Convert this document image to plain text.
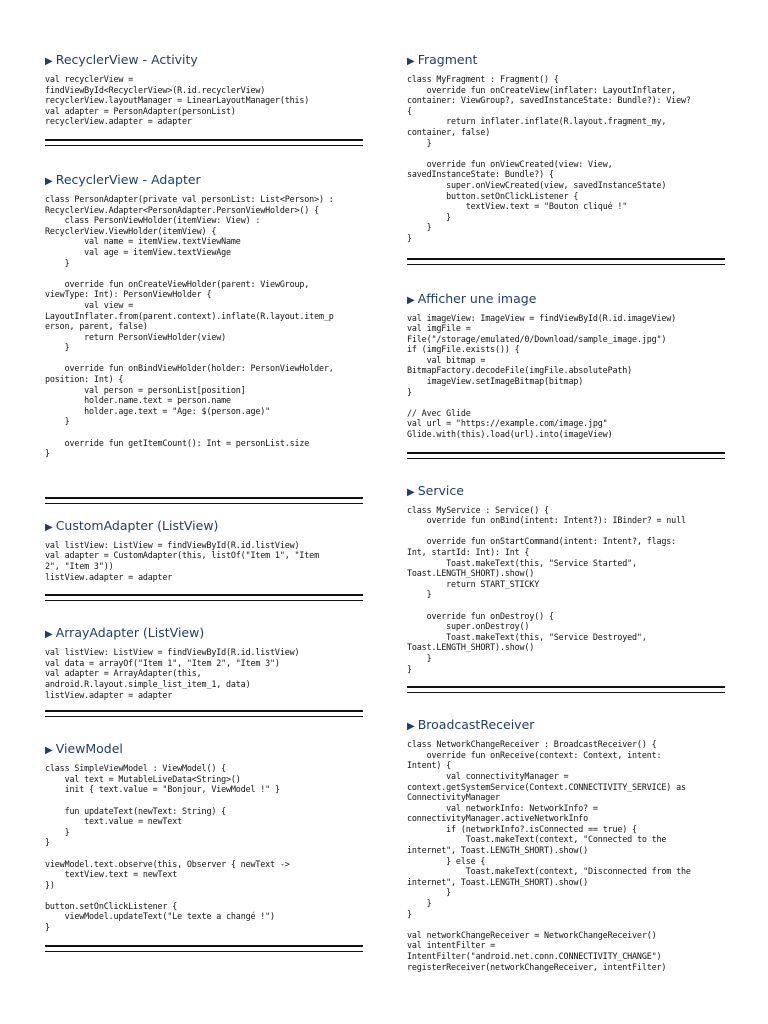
▶ RecyclerView - Activity
val recyclerView =
findViewById<RecyclerView>(R.id.recyclerView)
recyclerView.layoutManager = LinearLayoutManager(this)
val adapter = PersonAdapter(personList)
recyclerView.adapter = adapter
▶ RecyclerView - Adapter
class PersonAdapter(private val personList: List<Person>) :
RecyclerView.Adapter<PersonAdapter.PersonViewHolder>() {
class PersonViewHolder(itemView: View) :
RecyclerView.ViewHolder(itemView) {
val name = itemView.textViewName
val age = itemView.textViewAge
}

override fun onCreateViewHolder(parent: ViewGroup,
viewType: Int): PersonViewHolder {
val view =
LayoutInflater.from(parent.context).inflate(R.layout.item_p
erson, parent, false)
return PersonViewHolder(view)
}

override fun onBindViewHolder(holder: PersonViewHolder,
position: Int) {
val person = personList[position]
holder.name.text = person.name
holder.age.text = "Age: $(person.age)"
}

override fun getItemCount(): Int = personList.size
}
▶ CustomAdapter (ListView)
val listView: ListView = findViewById(R.id.listView)
val adapter = CustomAdapter(this, listOf("Item 1", "Item
2", "Item 3"))
listView.adapter = adapter
▶ ArrayAdapter (ListView)
val listView: ListView = findViewById(R.id.listView)
val data = arrayOf("Item 1", "Item 2", "Item 3")
val adapter = ArrayAdapter(this,
android.R.layout.simple_list_item_1, data)
listView.adapter = adapter
▶ ViewModel
class SimpleViewModel : ViewModel() {
val text = MutableLiveData<String>()
init { text.value = "Bonjour, ViewModel !" }

fun updateText(newText: String) {
text.value = newText
}
}

viewModel.text.observe(this, Observer { newText ->
textView.text = newText
})

button.setOnClickListener {
viewModel.updateText("Le texte a changé !")
}
▶ Fragment
class MyFragment : Fragment() {
override fun onCreateView(inflater: LayoutInflater,
container: ViewGroup?, savedInstanceState: Bundle?): View?
{
return inflater.inflate(R.layout.fragment_my,
container, false)
}

override fun onViewCreated(view: View,
savedInstanceState: Bundle?) {
super.onViewCreated(view, savedInstanceState)
button.setOnClickListener {
textView.text = "Bouton cliqué !"
}
}
}
▶ Afficher une image
val imageView: ImageView = findViewById(R.id.imageView)
val imgFile =
File("/storage/emulated/0/Download/sample_image.jpg")
if (imgFile.exists()) {
val bitmap =
BitmapFactory.decodeFile(imgFile.absolutePath)
imageView.setImageBitmap(bitmap)
}

// Avec Glide
val url = "https://example.com/image.jpg"
Glide.with(this).load(url).into(imageView)
▶ Service
class MyService : Service() {
override fun onBind(intent: Intent?): IBinder? = null

override fun onStartCommand(intent: Intent?, flags:
Int, startId: Int): Int {
Toast.makeText(this, "Service Started",
Toast.LENGTH_SHORT).show()
return START_STICKY
}

override fun onDestroy() {
super.onDestroy()
Toast.makeText(this, "Service Destroyed",
Toast.LENGTH_SHORT).show()
}
}
▶ BroadcastReceiver
class NetworkChangeReceiver : BroadcastReceiver() {
override fun onReceive(context: Context, intent:
Intent) {
val connectivityManager =
context.getSystemService(Context.CONNECTIVITY_SERVICE) as
ConnectivityManager
val networkInfo: NetworkInfo? =
connectivityManager.activeNetworkInfo
if (networkInfo?.isConnected == true) {
Toast.makeText(context, "Connected to the
internet", Toast.LENGTH_SHORT).show()
} else {
Toast.makeText(context, "Disconnected from the
internet", Toast.LENGTH_SHORT).show()
}
}
}

val networkChangeReceiver = NetworkChangeReceiver()
val intentFilter =
IntentFilter("android.net.conn.CONNECTIVITY_CHANGE")
registerReceiver(networkChangeReceiver, intentFilter)
